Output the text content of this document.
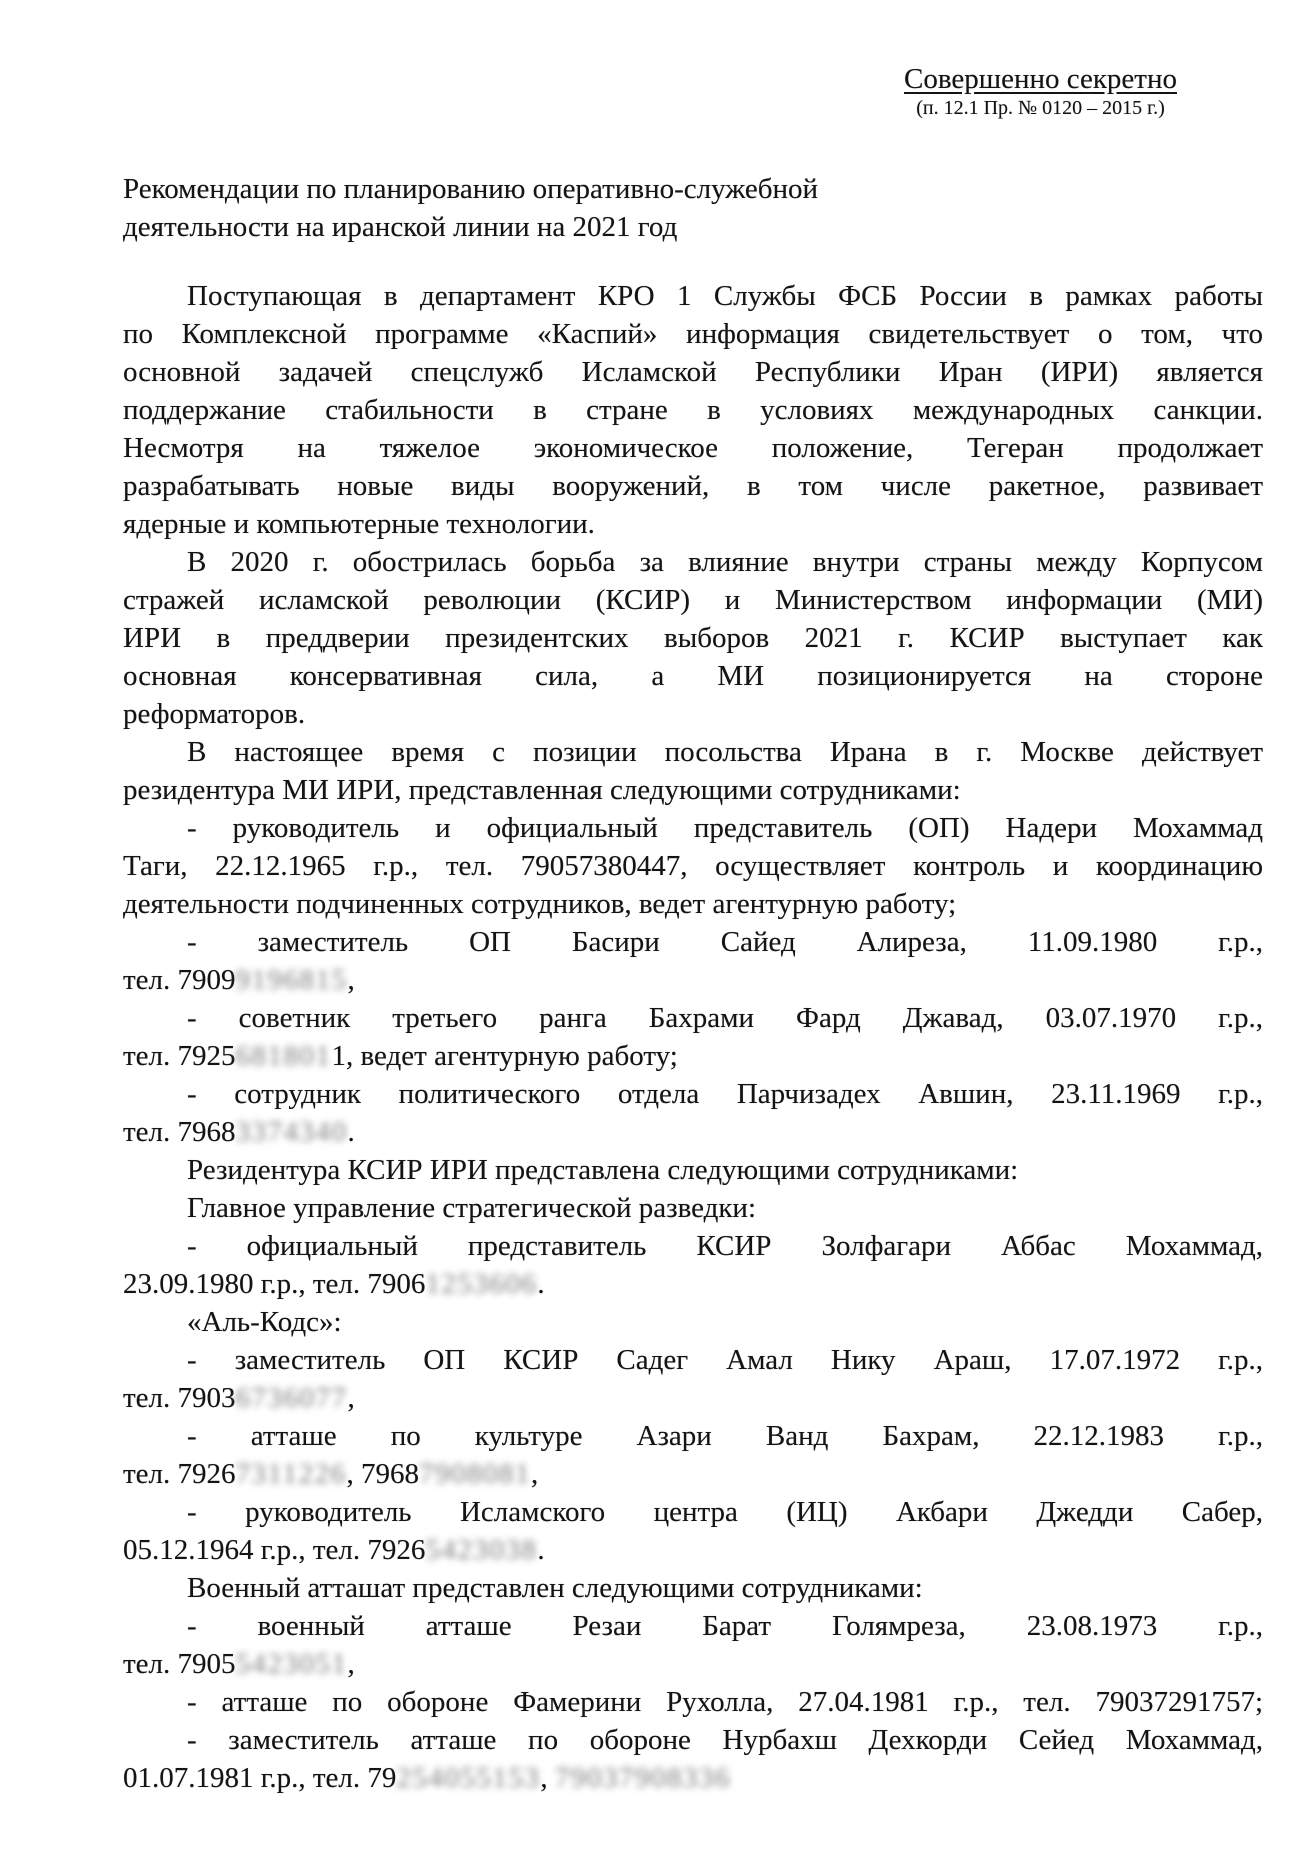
Совершенно секретно
(п. 12.1 Пр. № 0120 – 2015 г.)
Рекомендации по планированию оперативно-служебной
деятельности на иранской линии на 2021 год
Поступающая в департамент КРО 1 Службы ФСБ России в рамках работы
по Комплексной программе «Каспий» информация свидетельствует о том, что
основной задачей спецслужб Исламской Республики Иран (ИРИ) является
поддержание стабильности в стране в условиях международных санкции.
Несмотря на тяжелое экономическое положение, Тегеран продолжает
разрабатывать новые виды вооружений, в том числе ракетное, развивает
ядерные и компьютерные технологии.
В 2020 г. обострилась борьба за влияние внутри страны между Корпусом
стражей исламской революции (КСИР) и Министерством информации (МИ)
ИРИ в преддверии президентских выборов 2021 г. КСИР выступает как
основная консервативная сила, а МИ позиционируется на стороне
реформаторов.
В настоящее время с позиции посольства Ирана в г. Москве действует
резидентура МИ ИРИ, представленная следующими сотрудниками:
- руководитель и официальный представитель (ОП) Надери Мохаммад
Таги, 22.12.1965 г.р., тел. 79057380447, осуществляет контроль и координацию
деятельности подчиненных сотрудников, ведет агентурную работу;
- заместитель ОП Басири Сайед Алиреза, 11.09.1980 г.р.,
тел. 79099196815,
- советник третьего ранга Бахрами Фард Джавад, 03.07.1970 г.р.,
тел. 79256818011, ведет агентурную работу;
- сотрудник политического отдела Парчизадех Авшин, 23.11.1969 г.р.,
тел. 79683374340.
Резидентура КСИР ИРИ представлена следующими сотрудниками:
Главное управление стратегической разведки:
- официальный представитель КСИР Золфагари Аббас Мохаммад,
23.09.1980 г.р., тел. 79061253606.
«Аль-Кодс»:
- заместитель ОП КСИР Садег Амал Нику Араш, 17.07.1972 г.р.,
тел. 79036736077,
- атташе по культуре Азари Ванд Бахрам, 22.12.1983 г.р.,
тел. 79267311226, 79687908081,
- руководитель Исламского центра (ИЦ) Акбари Джедди Сабер,
05.12.1964 г.р., тел. 79265423038.
Военный атташат представлен следующими сотрудниками:
- военный атташе Резаи Барат Голямреза, 23.08.1973 г.р.,
тел. 79055423051,
- атташе по обороне Фамерини Рухолла, 27.04.1981 г.р., тел. 79037291757;
- заместитель атташе по обороне Нурбахш Дехкорди Сейед Мохаммад,
01.07.1981 г.р., тел. 79254055153, 79037908336
